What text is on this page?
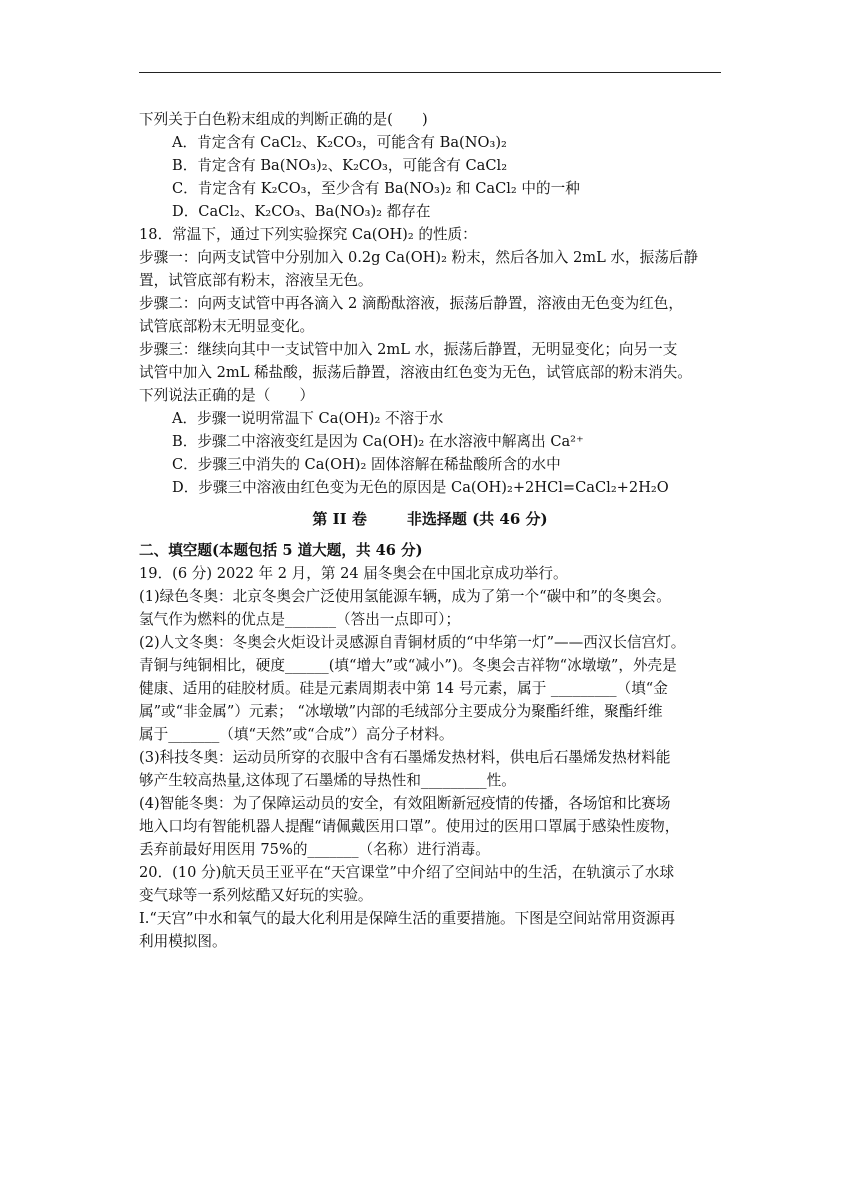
下列关于白色粉末组成的判断正确的是(　　)
A．肯定含有 CaCl₂、K₂CO₃，可能含有 Ba(NO₃)₂
B．肯定含有 Ba(NO₃)₂、K₂CO₃，可能含有 CaCl₂
C．肯定含有 K₂CO₃，至少含有 Ba(NO₃)₂ 和 CaCl₂ 中的一种
D．CaCl₂、K₂CO₃、Ba(NO₃)₂ 都存在
18．常温下，通过下列实验探究 Ca(OH)₂ 的性质：
步骤一：向两支试管中分别加入 0.2g Ca(OH)₂ 粉末，然后各加入 2mL 水，振荡后静
置，试管底部有粉末，溶液呈无色。
步骤二：向两支试管中再各滴入 2 滴酚酞溶液，振荡后静置，溶液由无色变为红色，
试管底部粉末无明显变化。
步骤三：继续向其中一支试管中加入 2mL 水，振荡后静置，无明显变化；向另一支
试管中加入 2mL 稀盐酸，振荡后静置，溶液由红色变为无色，试管底部的粉末消失。
下列说法正确的是（　　）
A．步骤一说明常温下 Ca(OH)₂ 不溶于水
B．步骤二中溶液变红是因为 Ca(OH)₂ 在水溶液中解离出 Ca²⁺
C．步骤三中消失的 Ca(OH)₂ 固体溶解在稀盐酸所含的水中
D．步骤三中溶液由红色变为无色的原因是 Ca(OH)₂+2HCl=CaCl₂+2H₂O
第 II 卷	非选择题 (共 46 分)
二、填空题(本题包括 5 道大题，共 46 分)
19．(6 分) 2022 年 2 月，第 24 届冬奥会在中国北京成功举行。
(1)绿色冬奥：北京冬奥会广泛使用氢能源车辆，成为了第一个“碳中和”的冬奥会。
氢气作为燃料的优点是_______（答出一点即可）；
(2)人文冬奥：冬奥会火炬设计灵感源自青铜材质的“中华第一灯”——西汉长信宫灯。
青铜与纯铜相比，硬度______(填“增大”或“减小”)。冬奥会吉祥物“冰墩墩”，外壳是
健康、适用的硅胶材质。硅是元素周期表中第 14 号元素，属于 _________（填“金
属”或“非金属”）元素； “冰墩墩”内部的毛绒部分主要成分为聚酯纤维，聚酯纤维
属于_______（填“天然”或“合成”）高分子材料。
(3)科技冬奥：运动员所穿的衣服中含有石墨烯发热材料，供电后石墨烯发热材料能
够产生较高热量,这体现了石墨烯的导热性和_________性。
(4)智能冬奥：为了保障运动员的安全，有效阻断新冠疫情的传播，各场馆和比赛场
地入口均有智能机器人提醒“请佩戴医用口罩”。使用过的医用口罩属于感染性废物，
丢弃前最好用医用 75%的_______（名称）进行消毒。
20．(10 分)航天员王亚平在“天宫课堂”中介绍了空间站中的生活，在轨演示了水球
变气球等一系列炫酷又好玩的实验。
I.“天宫”中水和氧气的最大化利用是保障生活的重要措施。下图是空间站常用资源再
利用模拟图。
